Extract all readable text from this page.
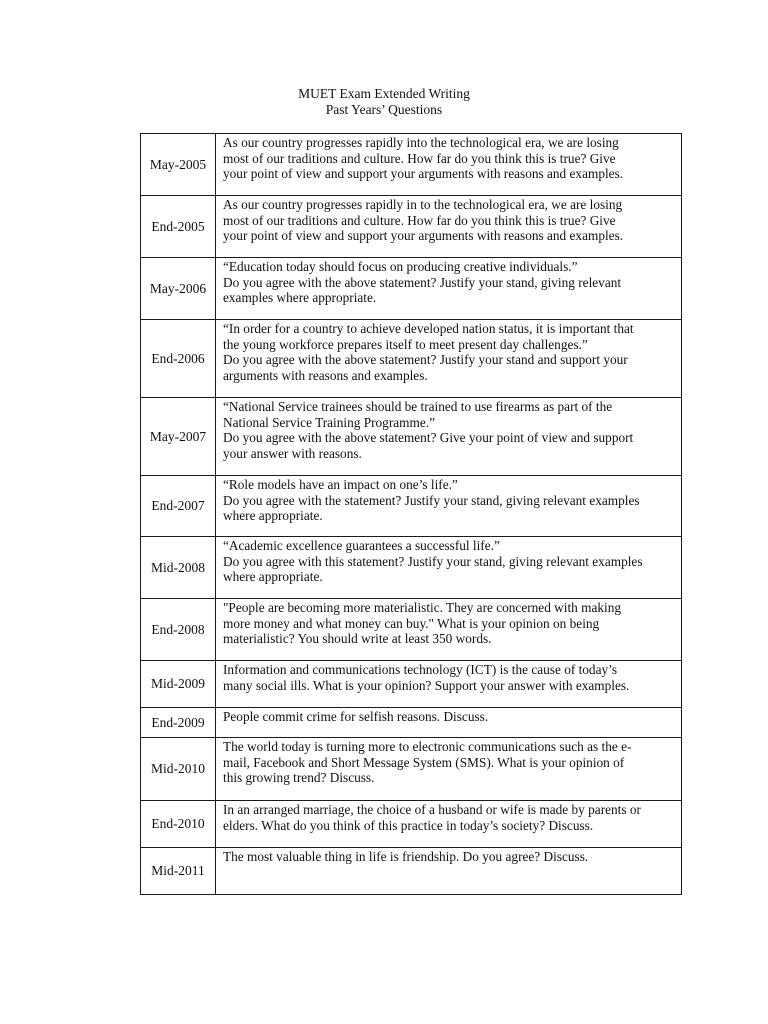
MUET Exam Extended Writing
Past Years’ Questions
May-2005	As our country progresses rapidly into the technological era, we are losing
most of our traditions and culture. How far do you think this is true? Give
your point of view and support your arguments with reasons and examples.

End-2005	As our country progresses rapidly in to the technological era, we are losing
most of our traditions and culture. How far do you think this is true? Give
your point of view and support your arguments with reasons and examples.

May-2006	“Education today should focus on producing creative individuals.”
Do you agree with the above statement? Justify your stand, giving relevant
examples where appropriate.

End-2006	“In order for a country to achieve developed nation status, it is important that
the young workforce prepares itself to meet present day challenges.”
Do you agree with the above statement? Justify your stand and support your
arguments with reasons and examples.

May-2007	“National Service trainees should be trained to use firearms as part of the
National Service Training Programme.”
Do you agree with the above statement? Give your point of view and support
your answer with reasons.

End-2007	“Role models have an impact on one’s life.”
Do you agree with the statement? Justify your stand, giving relevant examples
where appropriate.

Mid-2008	“Academic excellence guarantees a successful life.”
Do you agree with this statement? Justify your stand, giving relevant examples
where appropriate.

End-2008	"People are becoming more materialistic. They are concerned with making
more money and what money can buy." What is your opinion on being
materialistic? You should write at least 350 words.

Mid-2009	Information and communications technology (ICT) is the cause of today’s
many social ills. What is your opinion? Support your answer with examples.

End-2009	People commit crime for selfish reasons. Discuss.

Mid-2010	The world today is turning more to electronic communications such as the e-
mail, Facebook and Short Message System (SMS). What is your opinion of
this growing trend? Discuss.

End-2010	In an arranged marriage, the choice of a husband or wife is made by parents or
elders. What do you think of this practice in today’s society? Discuss.

Mid-2011	The most valuable thing in life is friendship. Do you agree? Discuss.
